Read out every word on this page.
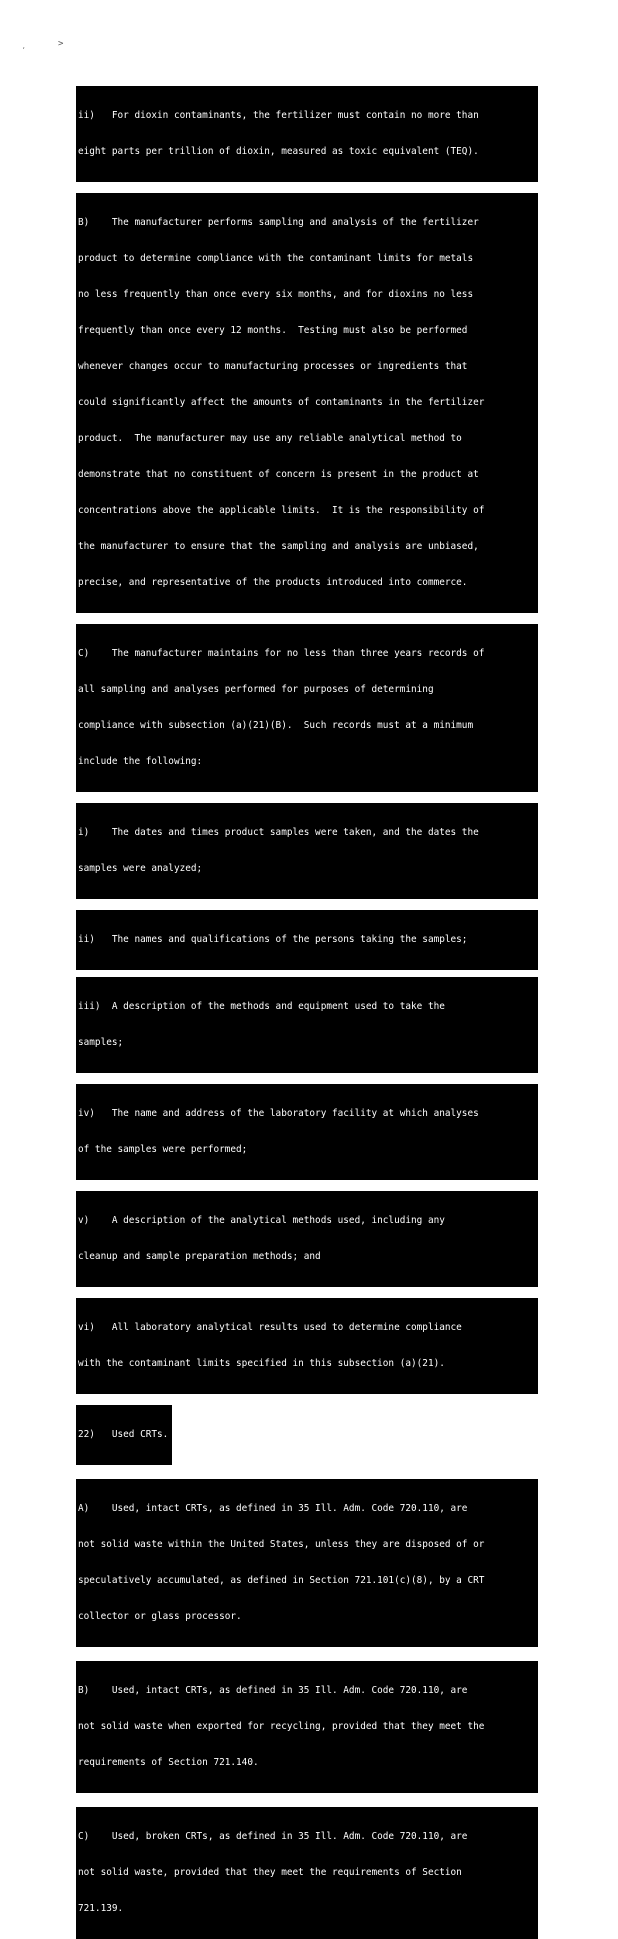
,	>

ii)   For dioxin contaminants, the fertilizer must contain no more than

eight parts per trillion of dioxin, measured as toxic equivalent (TEQ).

B)    The manufacturer performs sampling and analysis of the fertilizer

product to determine compliance with the contaminant limits for metals

no less frequently than once every six months, and for dioxins no less

frequently than once every 12 months.  Testing must also be performed

whenever changes occur to manufacturing processes or ingredients that

could significantly affect the amounts of contaminants in the fertilizer

product.  The manufacturer may use any reliable analytical method to

demonstrate that no constituent of concern is present in the product at

concentrations above the applicable limits.  It is the responsibility of

the manufacturer to ensure that the sampling and analysis are unbiased,

precise, and representative of the products introduced into commerce.

C)    The manufacturer maintains for no less than three years records of

all sampling and analyses performed for purposes of determining

compliance with subsection (a)(21)(B).  Such records must at a minimum

include the following:

i)    The dates and times product samples were taken, and the dates the

samples were analyzed;

ii)   The names and qualifications of the persons taking the samples;

iii)  A description of the methods and equipment used to take the

samples;

iv)   The name and address of the laboratory facility at which analyses

of the samples were performed;

v)    A description of the analytical methods used, including any

cleanup and sample preparation methods; and

vi)   All laboratory analytical results used to determine compliance

with the contaminant limits specified in this subsection (a)(21).

22)   Used CRTs.

A)    Used, intact CRTs, as defined in 35 Ill. Adm. Code 720.110, are

not solid waste within the United States, unless they are disposed of or

speculatively accumulated, as defined in Section 721.101(c)(8), by a CRT

collector or glass processor.

B)    Used, intact CRTs, as defined in 35 Ill. Adm. Code 720.110, are

not solid waste when exported for recycling, provided that they meet the

requirements of Section 721.140.

C)    Used, broken CRTs, as defined in 35 Ill. Adm. Code 720.110, are

not solid waste, provided that they meet the requirements of Section

721.139.
